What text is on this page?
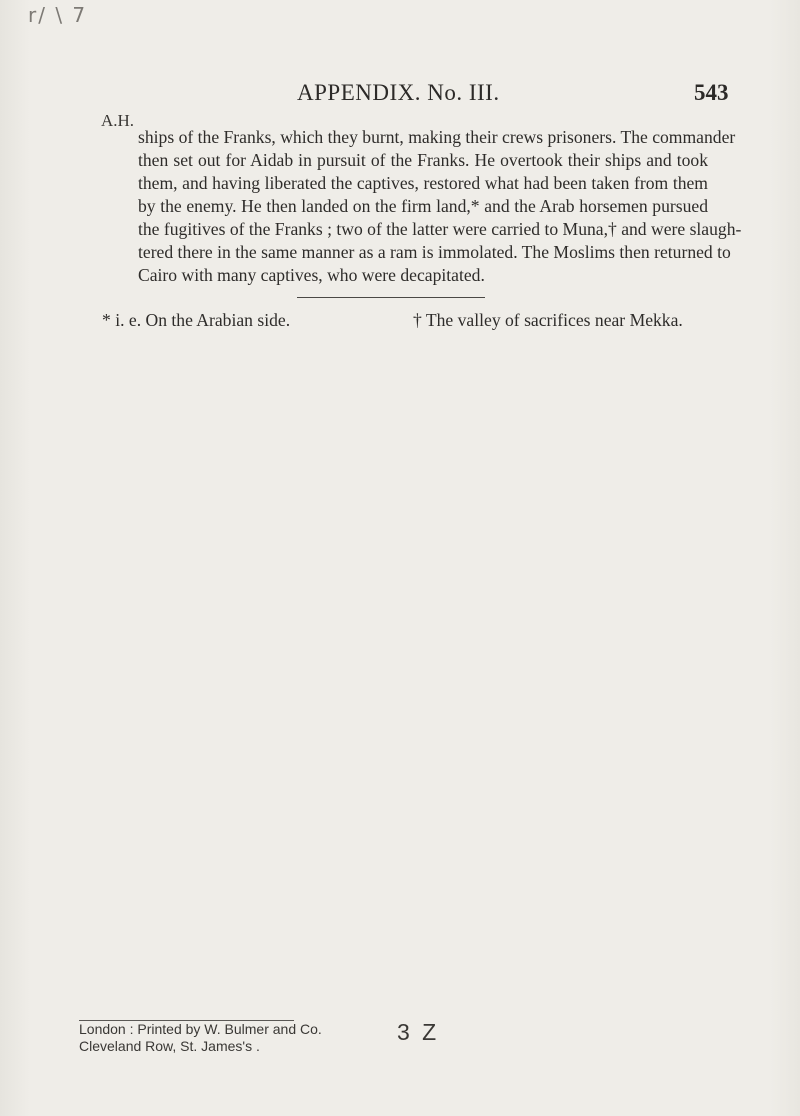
r/ \ 7
APPENDIX. No. III.	543
A.H.
ships of the Franks, which they burnt, making their crews prisoners. The commander
then set out for Aidab in pursuit of the Franks. He overtook their ships and took
them, and having liberated the captives, restored what had been taken from them
by the enemy. He then landed on the firm land,* and the Arab horsemen pursued
the fugitives of the Franks ; two of the latter were carried to Muna,† and were slaugh-
tered there in the same manner as a ram is immolated. The Moslims then returned to
Cairo with many captives, who were decapitated.
* i. e. On the Arabian side.	† The valley of sacrifices near Mekka.
London : Printed by W. Bulmer and Co.
Cleveland Row, St. James's .
3 Z
